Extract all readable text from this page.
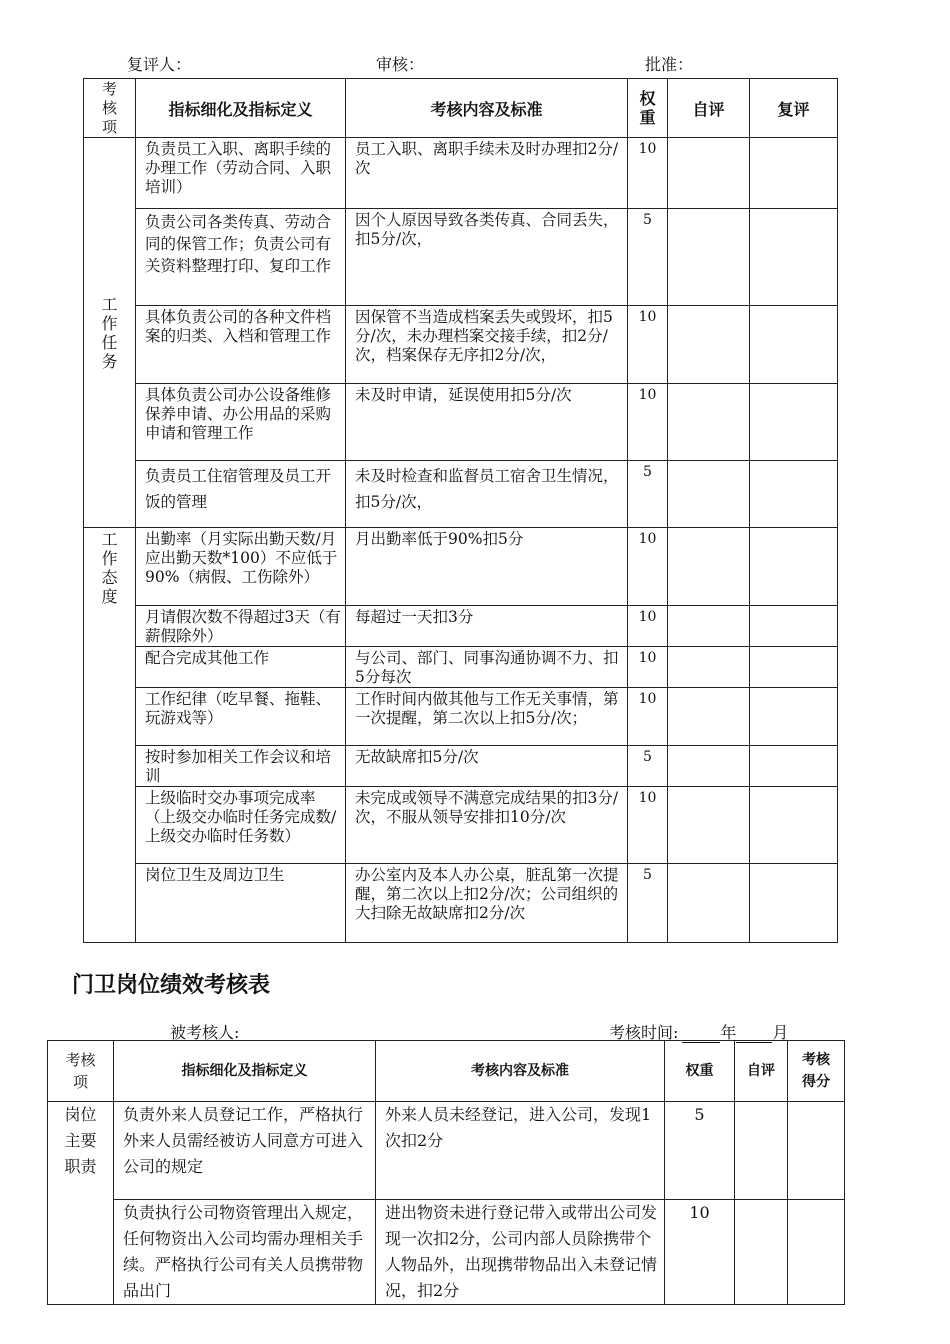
复评人：	审核：	批准：
考核项	指标细化及指标定义	考核内容及标准	权重	自评	复评
工作任务	负责员工入职、离职手续的办理工作（劳动合同、入职培训）	员工入职、离职手续未及时办理扣2分/次	10		
	负责公司各类传真、劳动合同的保管工作；负责公司有关资料整理打印、复印工作	因个人原因导致各类传真、合同丢失，扣5分/次，	5		
	具体负责公司的各种文件档案的归类、入档和管理工作	因保管不当造成档案丢失或毁坏，扣5分/次，未办理档案交接手续，扣2分/次，档案保存无序扣2分/次，	10		
	具体负责公司办公设备维修保养申请、办公用品的采购申请和管理工作	未及时申请，延误使用扣5分/次	10		
	负责员工住宿管理及员工开饭的管理	未及时检查和监督员工宿舍卫生情况，扣5分/次，	5		
工作态度	出勤率（月实际出勤天数/月应出勤天数*100）不应低于90%（病假、工伤除外）	月出勤率低于90%扣5分	10		
	月请假次数不得超过3天（有薪假除外）	每超过一天扣3分	10		
	配合完成其他工作	与公司、部门、同事沟通协调不力、扣5分每次	10		
	工作纪律（吃早餐、拖鞋、玩游戏等）	工作时间内做其他与工作无关事情，第一次提醒，第二次以上扣5分/次；	10		
	按时参加相关工作会议和培训	无故缺席扣5分/次	5		
	上级临时交办事项完成率（上级交办临时任务完成数/上级交办临时任务数）	未完成或领导不满意完成结果的扣3分/次，不服从领导安排扣10分/次	10		
	岗位卫生及周边卫生	办公室内及本人办公桌，脏乱第一次提醒，第二次以上扣2分/次；公司组织的大扫除无故缺席扣2分/次	5		
门卫岗位绩效考核表
被考核人:	考核时间:	年 月
考核项	指标细化及指标定义	考核内容及标准	权重	自评	考核得分
岗位主要职责	负责外来人员登记工作，严格执行外来人员需经被访人同意方可进入公司的规定	外来人员未经登记，进入公司，发现1次扣2分	5		
	负责执行公司物资管理出入规定，任何物资出入公司均需办理相关手续。严格执行公司有关人员携带物品出门	进出物资未进行登记带入或带出公司发现一次扣2分，公司内部人员除携带个人物品外，出现携带物品出入未登记情况，扣2分	10		
